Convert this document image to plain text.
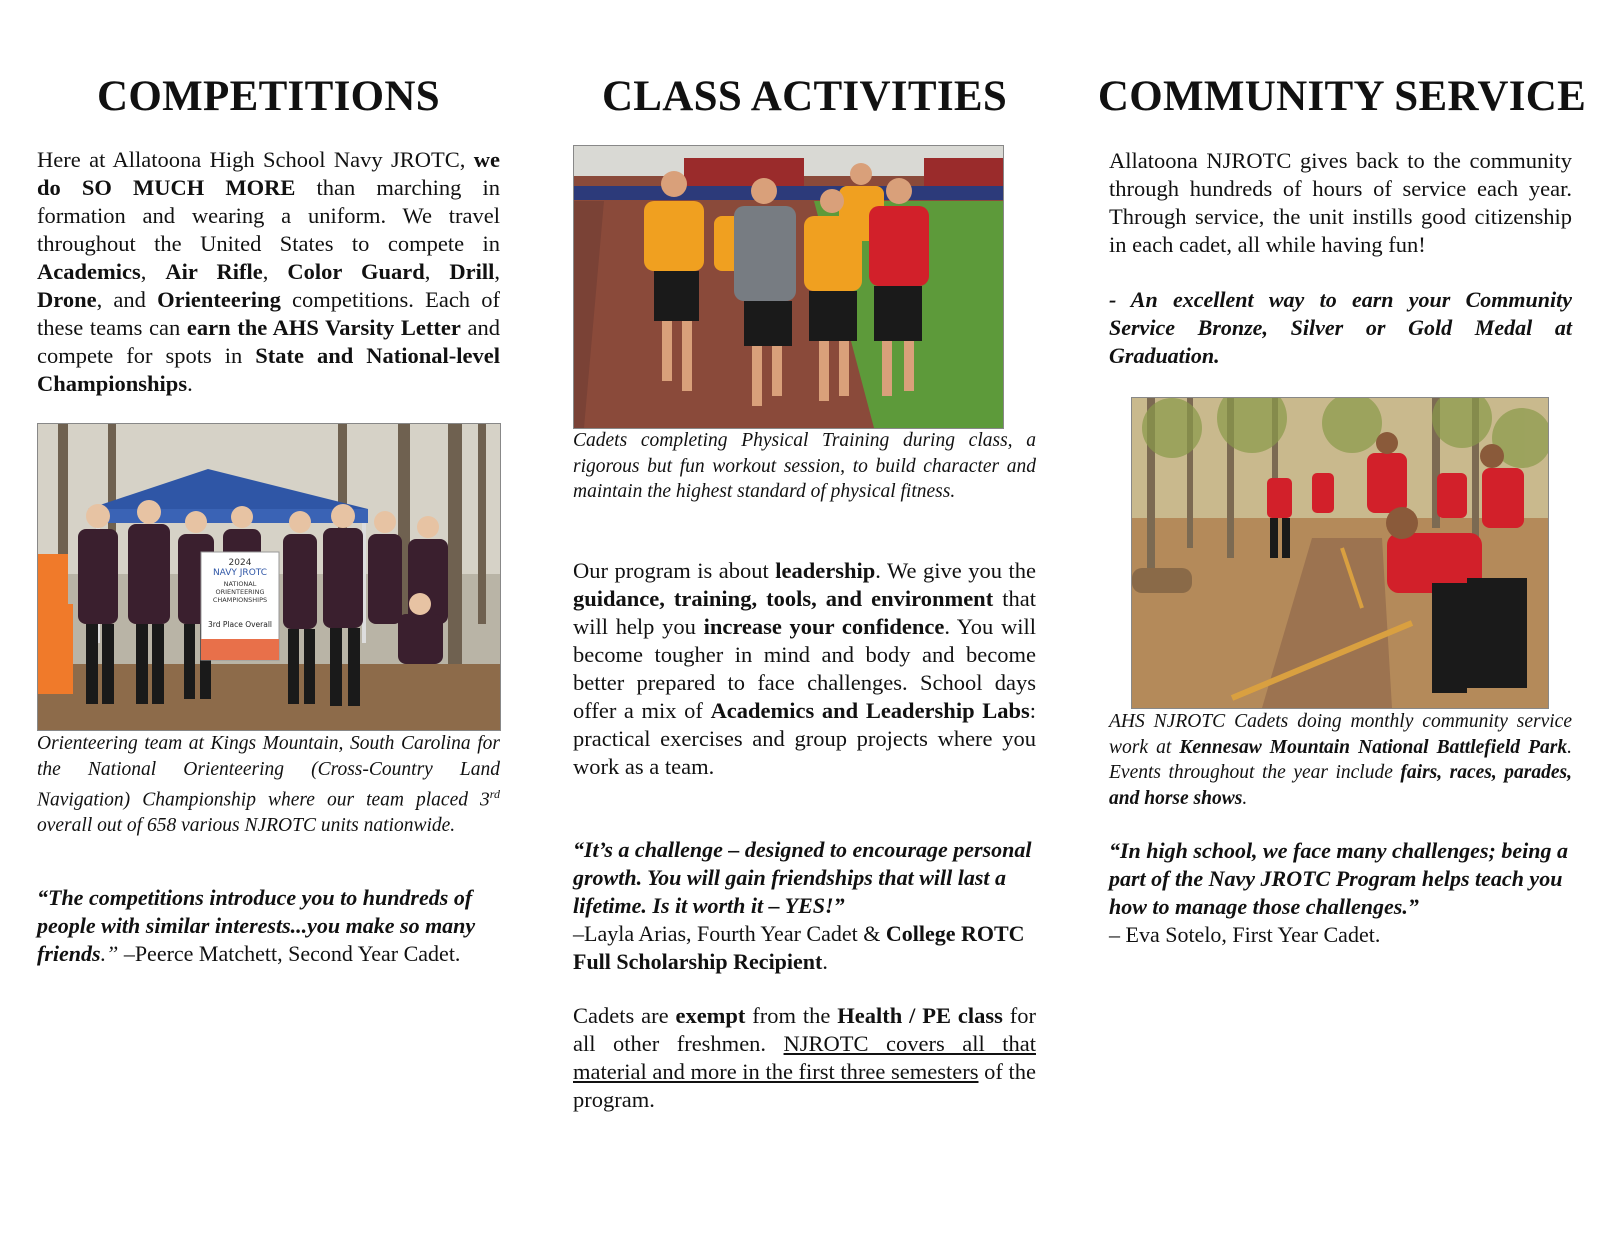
COMPETITIONS

Here at Allatoona High School Navy JROTC, we do SO MUCH MORE than marching in formation and wearing a uniform. We travel throughout the United States to compete in Academics, Air Rifle, Color Guard, Drill, Drone, and Orienteering competitions. Each of these teams can earn the AHS Varsity Letter and compete for spots in State and National-level Championships.

2024
NAVY JROTC
NATIONAL ORIENTEERING CHAMPIONSHIPS
3rd Place Overall

Orienteering team at Kings Mountain, South Carolina for the National Orienteering (Cross-Country Land Navigation) Championship where our team placed 3rd overall out of 658 various NJROTC units nationwide.

“The competitions introduce you to hundreds of people with similar interests...you make so many friends.” –Peerce Matchett, Second Year Cadet.

CLASS ACTIVITIES

Cadets completing Physical Training during class, a rigorous but fun workout session, to build character and maintain the highest standard of physical fitness.

Our program is about leadership. We give you the guidance, training, tools, and environment that will help you increase your confidence. You will become tougher in mind and body and become better prepared to face challenges. School days offer a mix of Academics and Leadership Labs: practical exercises and group projects where you work as a team.

“It’s a challenge – designed to encourage personal growth. You will gain friendships that will last a lifetime. Is it worth it – YES!”
–Layla Arias, Fourth Year Cadet & College ROTC Full Scholarship Recipient.

Cadets are exempt from the Health / PE class for all other freshmen. NJROTC covers all that material and more in the first three semesters of the program.

COMMUNITY SERVICE

Allatoona NJROTC gives back to the community through hundreds of hours of service each year. Through service, the unit instills good citizenship in each cadet, all while having fun!

- An excellent way to earn your Community Service Bronze, Silver or Gold Medal at Graduation.

AHS NJROTC Cadets doing monthly community service work at Kennesaw Mountain National Battlefield Park. Events throughout the year include fairs, races, parades, and horse shows.

“In high school, we face many challenges; being a part of the Navy JROTC Program helps teach you how to manage those challenges.”
– Eva Sotelo, First Year Cadet.
